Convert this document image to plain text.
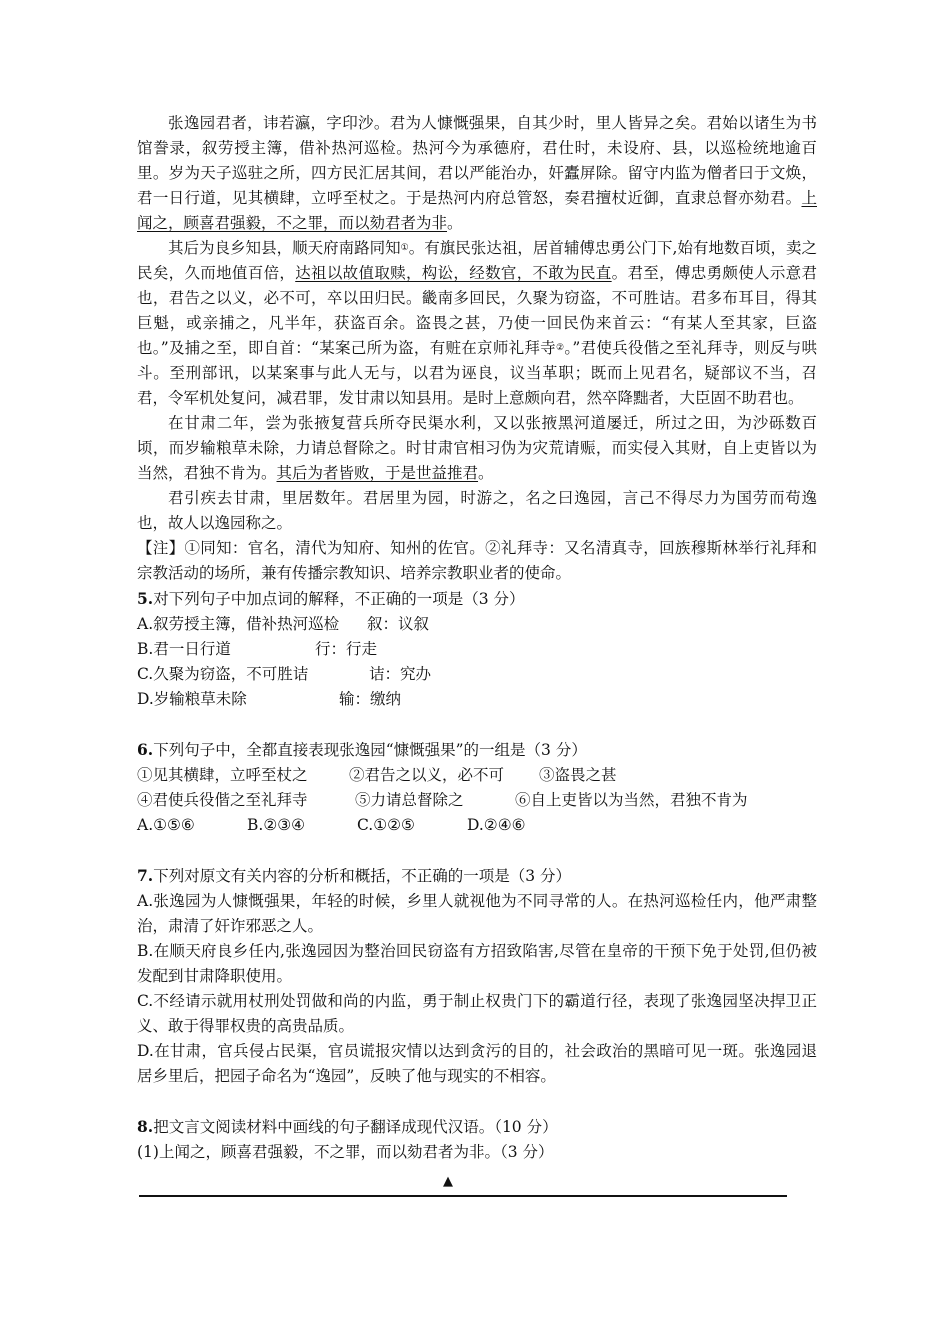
张逸园君者，讳若瀛，字印沙。君为人慷慨强果，自其少时，里人皆异之矣。君始以诸生为书馆誊录，叙劳授主簿，借补热河巡检。热河今为承德府，君仕时，未设府、县，以巡检统地逾百里。岁为天子巡驻之所，四方民汇居其间，君以严能治办，奸蠹屏除。留守内监为僧者曰于文焕，君一日行道，见其横肆，立呼至杖之。于是热河内府总管怒，奏君擅杖近御，直隶总督亦劾君。上闻之，顾喜君强毅，不之罪，而以劾君者为非。

其后为良乡知县，顺天府南路同知①。有旗民张达祖，居首辅傅忠勇公门下,始有地数百顷，卖之民矣，久而地值百倍，达祖以故值取赎，构讼，经数官，不敢为民直。君至，傅忠勇颇使人示意君也，君告之以义，必不可，卒以田归民。畿南多回民，久聚为窃盗，不可胜诘。君多布耳目，得其巨魁，或亲捕之，凡半年，获盗百余。盗畏之甚，乃使一回民伪来首云：“有某人至其家，巨盗也。”及捕之至，即自首：“某案己所为盗，有赃在京师礼拜寺②。”君使兵役偕之至礼拜寺，则反与哄斗。至刑部讯，以某案事与此人无与，以君为诬良，议当革职；既而上见君名，疑部议不当，召君，令军机处复问，减君罪，发甘肃以知县用。是时上意颇向君，然卒降黜者，大臣固不助君也。

在甘肃二年，尝为张掖复营兵所夺民渠水利，又以张掖黑河道屡迁，所过之田，为沙砾数百顷，而岁输粮草未除，力请总督除之。时甘肃官相习伪为灾荒请赈，而实侵入其财，自上吏皆以为当然，君独不肯为。其后为者皆败，于是世益推君。

君引疾去甘肃，里居数年。君居里为园，时游之，名之曰逸园，言己不得尽力为国劳而苟逸也，故人以逸园称之。

【注】①同知：官名，清代为知府、知州的佐官。②礼拜寺：又名清真寺，回族穆斯林举行礼拜和宗教活动的场所，兼有传播宗教知识、培养宗教职业者的使命。

5.对下列句子中加点词的解释，不正确的一项是（3 分）

A.叙劳授主簿，借补热河巡检	叙：议叙
B.君一日行道	行：行走
C.久聚为窃盗，不可胜诘	诘：究办
D.岁输粮草未除	输：缴纳

6.下列句子中，全都直接表现张逸园“慷慨强果”的一组是（3 分）

①见其横肆，立呼至杖之	②君告之以义，必不可	③盗畏之甚
④君使兵役偕之至礼拜寺	⑤力请总督除之	⑥自上吏皆以为当然，君独不肯为
A.①⑤⑥	B.②③④	C.①②⑤	D.②④⑥

7.下列对原文有关内容的分析和概括，不正确的一项是（3 分）

A.张逸园为人慷慨强果，年轻的时候，乡里人就视他为不同寻常的人。在热河巡检任内，他严肃整治，肃清了奸诈邪恶之人。

B.在顺天府良乡任内,张逸园因为整治回民窃盗有方招致陷害,尽管在皇帝的干预下免于处罚,但仍被发配到甘肃降职使用。

C.不经请示就用杖刑处罚做和尚的内监，勇于制止权贵门下的霸道行径，表现了张逸园坚决捍卫正义、敢于得罪权贵的高贵品质。

D.在甘肃，官兵侵占民渠，官员谎报灾情以达到贪污的目的，社会政治的黑暗可见一斑。张逸园退居乡里后，把园子命名为“逸园”，反映了他与现实的不相容。

8.把文言文阅读材料中画线的句子翻译成现代汉语。（10 分）

(1)上闻之，顾喜君强毅，不之罪，而以劾君者为非。（3 分）

▲
